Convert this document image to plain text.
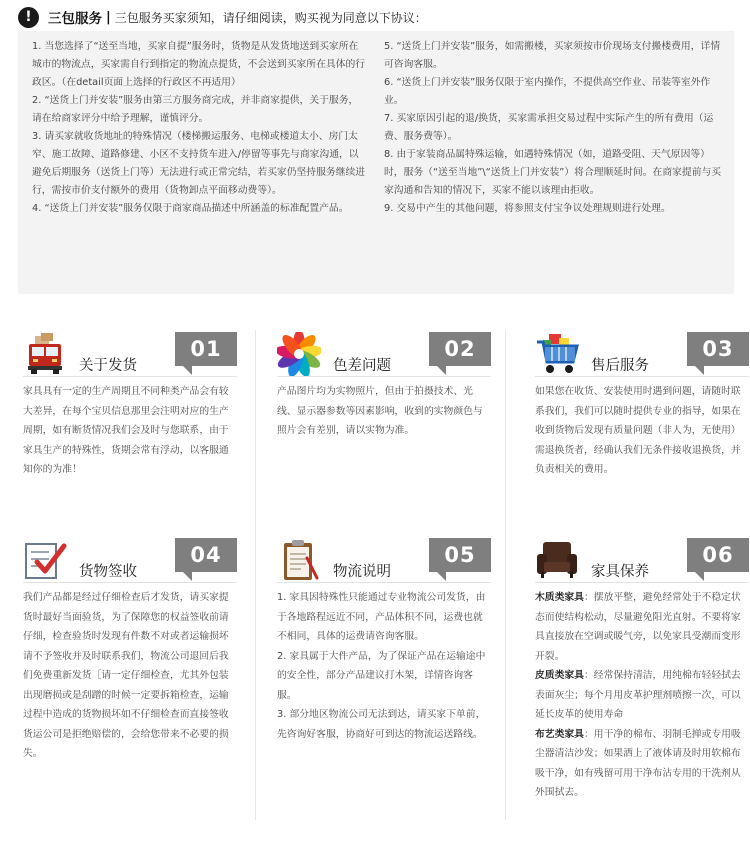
!	三包服务 | 三包服务买家须知，请仔细阅读，购买视为同意以下协议：

1. 当您选择了“送至当地，买家自提”服务时，货物是从发货地送到买家所在城市的物流点，买家需自行到指定的物流点提货，不会送到买家所在具体的行政区。（在detail页面上选择的行政区不再适用）

2. “送货上门并安装”服务由第三方服务商完成，并非商家提供，关于服务，请在给商家评分中给予理解，谨慎评分。

3. 请买家就收货地址的特殊情况（楼梯搬运服务、电梯或楼道太小、房门太窄、施工故障、道路修建、小区不支持货车进入/停留等事先与商家沟通，以避免后期服务（送货上门等）无法进行或正常完结，若买家仍坚持服务继续进行，需按市价支付额外的费用（货物卸点平面移动费等）。

4. “送货上门并安装”服务仅限于商家商品描述中所涵盖的标准配置产品。

5. “送货上门并安装”服务，如需搬楼，买家须按市价现场支付搬楼费用，详情可咨询客服。

6. “送货上门并安装”服务仅限于室内操作，不提供高空作业、吊装等室外作业。

7. 买家原因引起的退/换货，买家需承担交易过程中实际产生的所有费用（运费、服务费等）。

8. 由于家装商品属特殊运输，如遇特殊情况（如，道路受阻、天气原因等）时，服务（“送至当地”\“送货上门并安装”）将合理顺延时间。在商家提前与买家沟通和告知的情况下，买家不能以该理由拒收。

9. 交易中产生的其他问题，将参照支付宝争议处理规则进行处理。

关于发货
01

家具具有一定的生产周期且不同种类产品会有较大差异，在每个宝贝信息那里会注明对应的生产周期，如有断货情况我们会及时与您联系，由于家具生产的特殊性，货期会常有浮动，以客服通知你的为准！

色差问题
02

产品图片均为实物照片，但由于拍摄技术、光线、显示器参数等因素影响，收到的实物颜色与照片会有差别，请以实物为准。

售后服务
03

如果您在收货、安装使用时遇到问题，请随时联系我们，我们可以随时提供专业的指导，如果在收到货物后发现有质量问题（非人为，无使用）需退换货者，经确认我们无条件接收退换货，并负责相关的费用。

货物签收
04

我们产品都是经过仔细检查后才发货，请买家提货时最好当面验货，为了保障您的权益签收前请仔细，检查验货时发现有件数不对或者运输损坏请不予签收并及时联系我们，物流公司退回后我们免费重新发货［请一定仔细检查，尤其外包装出现磨损或是刮蹭的时候一定要拆箱检查，运输过程中造成的货物损坏如不仔细检查而直接签收货运公司是拒绝赔偿的，会给您带来不必要的损失。

物流说明
05

1. 家具因特殊性只能通过专业物流公司发货，由于各地路程远近不同，产品体积不同，运费也就不相同，具体的运费请咨询客服。

2. 家具属于大件产品，为了保证产品在运输途中的安全性，部分产品建议打木架，详情咨询客服。

3. 部分地区物流公司无法到达，请买家下单前，先咨询好客服，协商好可到达的物流运送路线。

家具保养
06

木质类家具：摆放平整，避免经常处于不稳定状态而使结构松动，尽量避免阳光直射。不要将家具直接放在空调或暖气旁，以免家具受潮而变形开裂。

皮质类家具：经常保持清洁，用纯棉布轻轻拭去表面灰尘；每个月用皮革护理剂喷擦一次，可以延长皮革的使用寿命

布艺类家具：用干净的棉布、羽制毛掸或专用吸尘器清洁沙发；如果洒上了液体请及时用软棉布吸干净，如有残留可用干净布沾专用的干洗剂从外围拭去。
